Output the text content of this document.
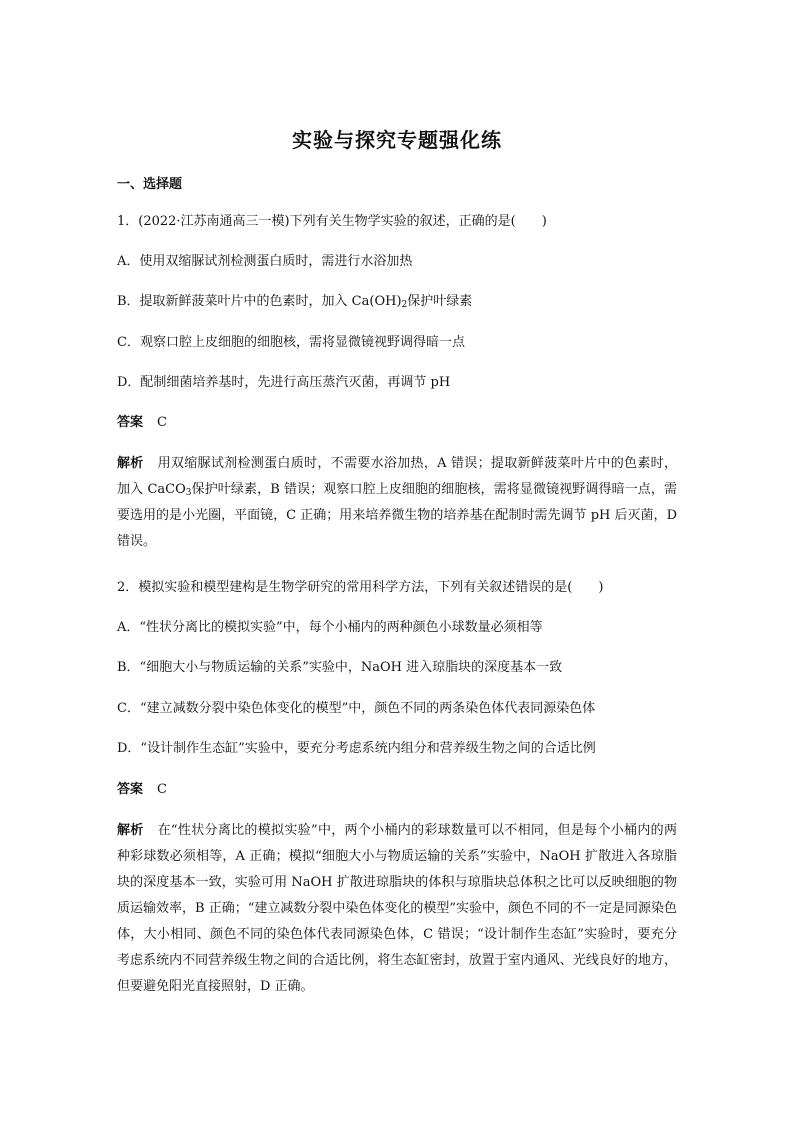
实验与探究专题强化练
一、选择题
1．(2022·江苏南通高三一模)下列有关生物学实验的叙述，正确的是(　　)
A．使用双缩脲试剂检测蛋白质时，需进行水浴加热
B．提取新鲜菠菜叶片中的色素时，加入 $Ca(OH)_2$保护叶绿素
C．观察口腔上皮细胞的细胞核，需将显微镜视野调得暗一点
D．配制细菌培养基时，先进行高压蒸汽灭菌，再调节 pH
答案 C
解析 用双缩脲试剂检测蛋白质时，不需要水浴加热，A 错误；提取新鲜菠菜叶片中的色素时，加入 CaCO$_3$保护叶绿素，B 错误；观察口腔上皮细胞的细胞核，需将显微镜视野调得暗一点，需要选用的是小光圈，平面镜，C 正确；用来培养微生物的培养基在配制时需先调节 pH 后灭菌，D 错误。
2．模拟实验和模型建构是生物学研究的常用科学方法，下列有关叙述错误的是(　　)
A．“性状分离比的模拟实验”中，每个小桶内的两种颜色小球数量必须相等
B．“细胞大小与物质运输的关系”实验中，NaOH 进入琼脂块的深度基本一致
C．“建立减数分裂中染色体变化的模型”中，颜色不同的两条染色体代表同源染色体
D．“设计制作生态缸”实验中，要充分考虑系统内组分和营养级生物之间的合适比例
答案 C
解析 在“性状分离比的模拟实验”中，两个小桶内的彩球数量可以不相同，但是每个小桶内的两种彩球数必须相等，A 正确；模拟“细胞大小与物质运输的关系”实验中，NaOH 扩散进入各琼脂块的深度基本一致，实验可用 NaOH 扩散进琼脂块的体积与琼脂块总体积之比可以反映细胞的物质运输效率，B 正确；“建立减数分裂中染色体变化的模型”实验中，颜色不同的不一定是同源染色体，大小相同、颜色不同的染色体代表同源染色体，C 错误；“设计制作生态缸”实验时，要充分考虑系统内不同营养级生物之间的合适比例，将生态缸密封，放置于室内通风、光线良好的地方，但要避免阳光直接照射，D 正确。
